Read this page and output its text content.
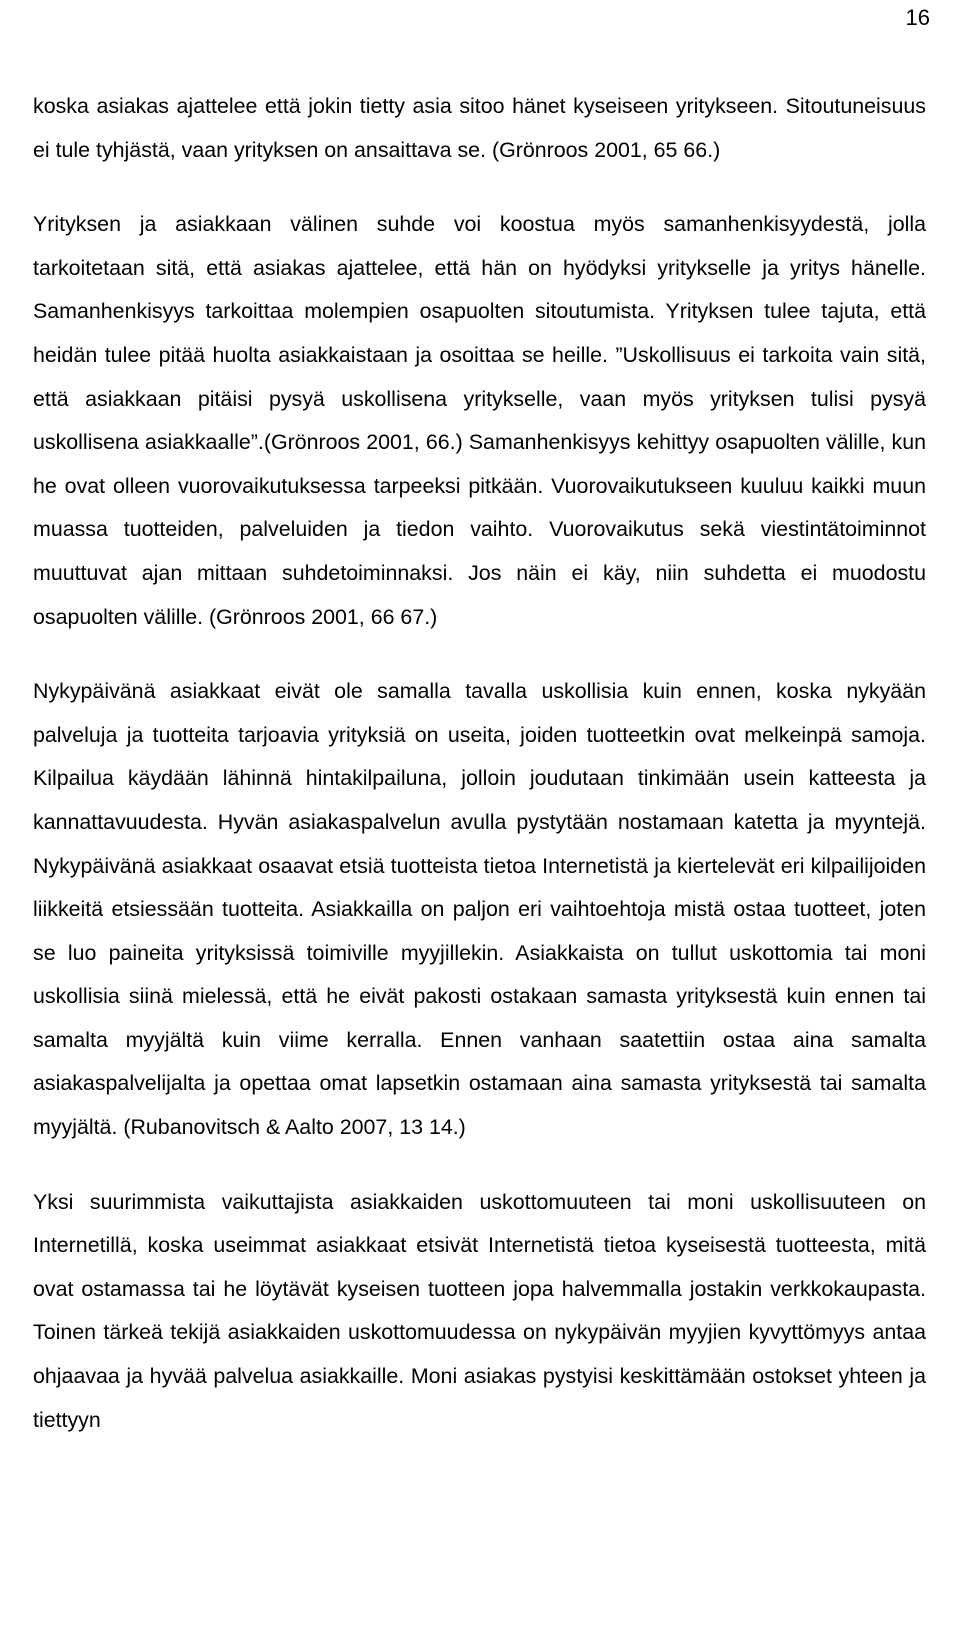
16

koska asiakas ajattelee että jokin tietty asia sitoo hänet kyseiseen yritykseen. Sitoutuneisuus ei tule tyhjästä, vaan yrityksen on ansaittava se. (Grönroos 2001, 65 66.)

Yrityksen ja asiakkaan välinen suhde voi koostua myös samanhenkisyydestä, jolla tarkoitetaan sitä, että asiakas ajattelee, että hän on hyödyksi yritykselle ja yritys hänelle. Samanhenkisyys tarkoittaa molempien osapuolten sitoutumista. Yrityksen tulee tajuta, että heidän tulee pitää huolta asiakkaistaan ja osoittaa se heille. ”Uskollisuus ei tarkoita vain sitä, että asiakkaan pitäisi pysyä uskollisena yritykselle, vaan myös yrityksen tulisi pysyä uskollisena asiakkaalle”.(Grönroos 2001, 66.) Samanhenkisyys kehittyy osapuolten välille, kun he ovat olleen vuorovaikutuksessa tarpeeksi pitkään. Vuorovaikutukseen kuuluu kaikki muun muassa tuotteiden, palveluiden ja tiedon vaihto. Vuorovaikutus sekä viestintätoiminnot muuttuvat ajan mittaan suhdetoiminnaksi. Jos näin ei käy, niin suhdetta ei muodostu osapuolten välille. (Grönroos 2001, 66 67.)

Nykypäivänä asiakkaat eivät ole samalla tavalla uskollisia kuin ennen, koska nykyään palveluja ja tuotteita tarjoavia yrityksiä on useita, joiden tuotteetkin ovat melkeinpä samoja. Kilpailua käydään lähinnä hintakilpailuna, jolloin joudutaan tinkimään usein katteesta ja kannattavuudesta. Hyvän asiakaspalvelun avulla pystytään nostamaan katetta ja myyntejä. Nykypäivänä asiakkaat osaavat etsiä tuotteista tietoa Internetistä ja kiertelevät eri kilpailijoiden liikkeitä etsiessään tuotteita. Asiakkailla on paljon eri vaihtoehtoja mistä ostaa tuotteet, joten se luo paineita yrityksissä toimiville myyjillekin. Asiakkaista on tullut uskottomia tai moni uskollisia siinä mielessä, että he eivät pakosti ostakaan samasta yrityksestä kuin ennen tai samalta myyjältä kuin viime kerralla. Ennen vanhaan saatettiin ostaa aina samalta asiakaspalvelijalta ja opettaa omat lapsetkin ostamaan aina samasta yrityksestä tai samalta myyjältä. (Rubanovitsch & Aalto 2007, 13 14.)

Yksi suurimmista vaikuttajista asiakkaiden uskottomuuteen tai moni uskollisuuteen on Internetillä, koska useimmat asiakkaat etsivät Internetistä tietoa kyseisestä tuotteesta, mitä ovat ostamassa tai he löytävät kyseisen tuotteen jopa halvemmalla jostakin verkkokaupasta. Toinen tärkeä tekijä asiakkaiden uskottomuudessa on nykypäivän myyjien kyvyttömyys antaa ohjaavaa ja hyvää palvelua asiakkaille. Moni asiakas pystyisi keskittämään ostokset yhteen ja tiettyyn
